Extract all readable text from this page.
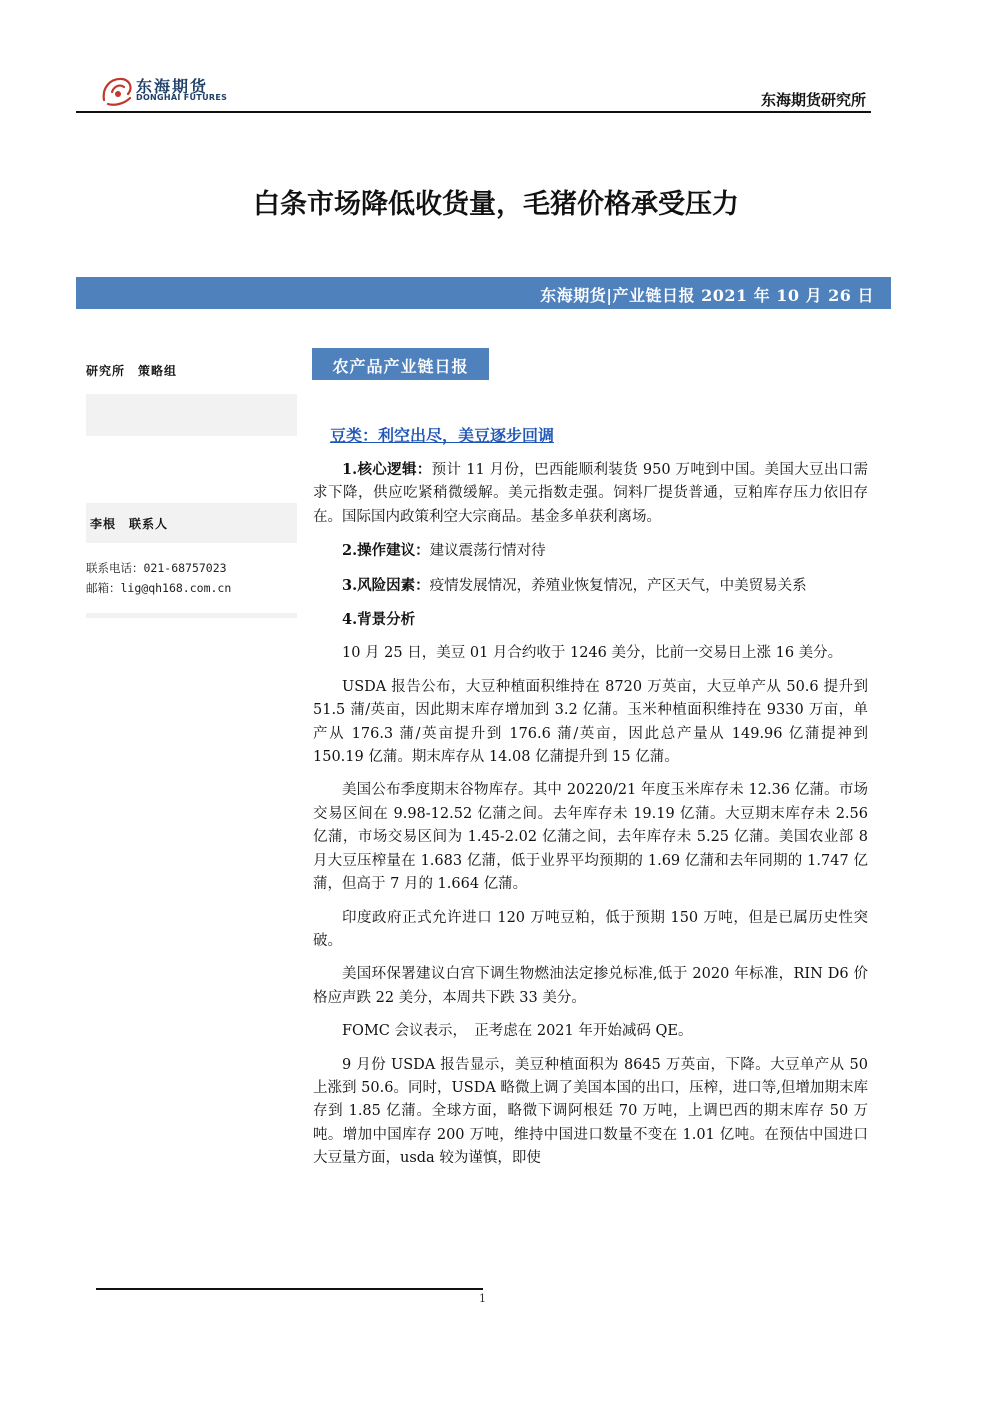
东海期货
DONGHAI FUTURES	东海期货研究所
白条市场降低收货量，毛猪价格承受压力
东海期货|产业链日报 2021 年 10 月 26 日
研究所　策略组
李根　联系人
联系电话：021-68757023
邮箱：lig@qh168.com.cn
农产品产业链日报
豆类：利空出尽，美豆逐步回调

1.核心逻辑：预计 11 月份，巴西能顺利装货 950 万吨到中国。美国大豆出口需求下降，供应吃紧稍微缓解。美元指数走强。饲料厂提货普通，豆粕库存压力依旧存在。国际国内政策利空大宗商品。基金多单获利离场。

2.操作建议：建议震荡行情对待

3.风险因素：疫情发展情况，养殖业恢复情况，产区天气，中美贸易关系

4.背景分析

10 月 25 日，美豆 01 月合约收于 1246 美分，比前一交易日上涨 16 美分。

USDA 报告公布，大豆种植面积维持在 8720 万英亩，大豆单产从 50.6 提升到 51.5 蒲/英亩，因此期末库存增加到 3.2 亿蒲。玉米种植面积维持在 9330 万亩，单产从 176.3 蒲/英亩提升到 176.6 蒲/英亩，因此总产量从 149.96 亿蒲提神到 150.19 亿蒲。期末库存从 14.08 亿蒲提升到 15 亿蒲。

美国公布季度期末谷物库存。其中 20220/21 年度玉米库存未 12.36 亿蒲。市场交易区间在 9.98-12.52 亿蒲之间。去年库存未 19.19 亿蒲。大豆期末库存未 2.56 亿蒲，市场交易区间为 1.45-2.02 亿蒲之间，去年库存未 5.25 亿蒲。美国农业部 8 月大豆压榨量在 1.683 亿蒲，低于业界平均预期的 1.69 亿蒲和去年同期的 1.747 亿蒲，但高于 7 月的 1.664 亿蒲。

印度政府正式允许进口 120 万吨豆粕，低于预期 150 万吨，但是已属历史性突破。

美国环保署建议白宫下调生物燃油法定掺兑标准,低于 2020 年标准，RIN D6 价格应声跌 22 美分，本周共下跌 33 美分。

FOMC 会议表示，　正考虑在 2021 年开始减码 QE。

9 月份 USDA 报告显示，美豆种植面积为 8645 万英亩，下降。大豆单产从 50 上涨到 50.6。同时，USDA 略微上调了美国本国的出口，压榨，进口等,但增加期末库存到 1.85 亿蒲。全球方面，略微下调阿根廷 70 万吨，上调巴西的期末库存 50 万吨。增加中国库存 200 万吨，维持中国进口数量不变在 1.01 亿吨。在预估中国进口大豆量方面，usda 较为谨慎，即使

1
